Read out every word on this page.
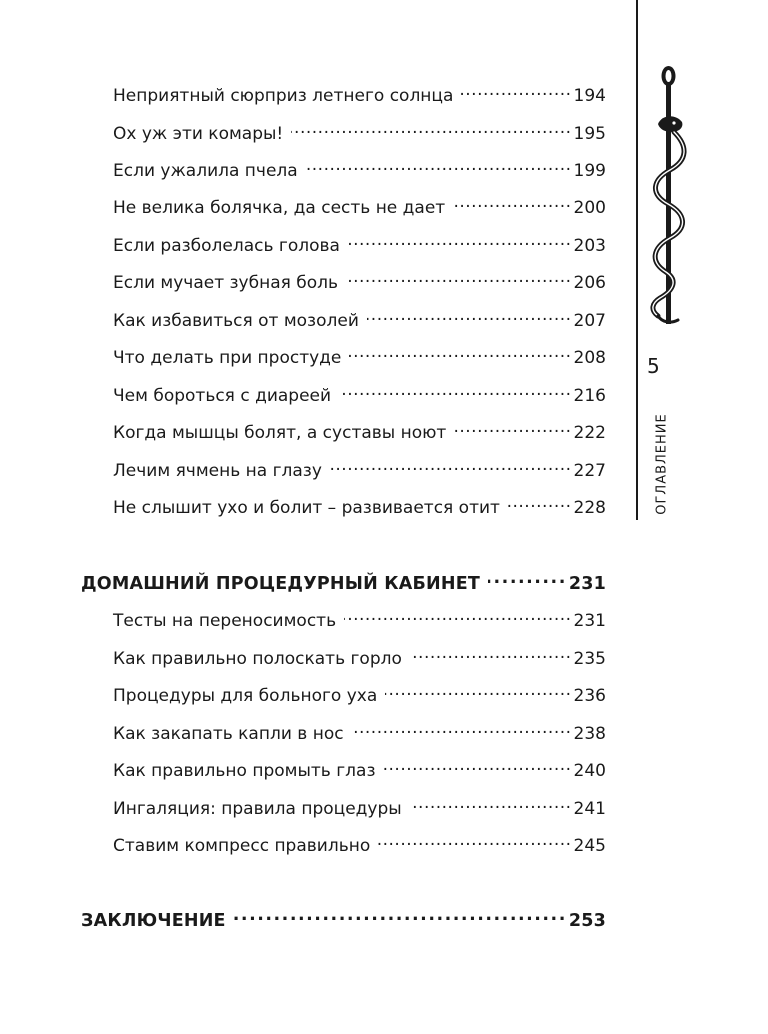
Неприятный сюрприз летнего солнца .....	194
Ох уж эти комары! .....	195
Если ужалила пчела .....	199
Не велика болячка, да сесть не дает .....	200
Если разболелась голова .....	203
Если мучает зубная боль .....	206
Как избавиться от мозолей .....	207
Что делать при простуде .....	208
Чем бороться с диареей .....	216
Когда мышцы болят, а суставы ноют .....	222
Лечим ячмень на глазу .....	227
Не слышит ухо и болит – развивается отит .....	228
ДОМАШНИЙ ПРОЦЕДУРНЫЙ КАБИНЕТ .....	231
Тесты на переносимость .....	231
Как правильно полоскать горло .....	235
Процедуры для больного уха .....	236
Как закапать капли в нос .....	238
Как правильно промыть глаз .....	240
Ингаляция: правила процедуры .....	241
Ставим компресс правильно .....	245
ЗАКЛЮЧЕНИЕ .....	253
5
ОГЛАВЛЕНИЕ
